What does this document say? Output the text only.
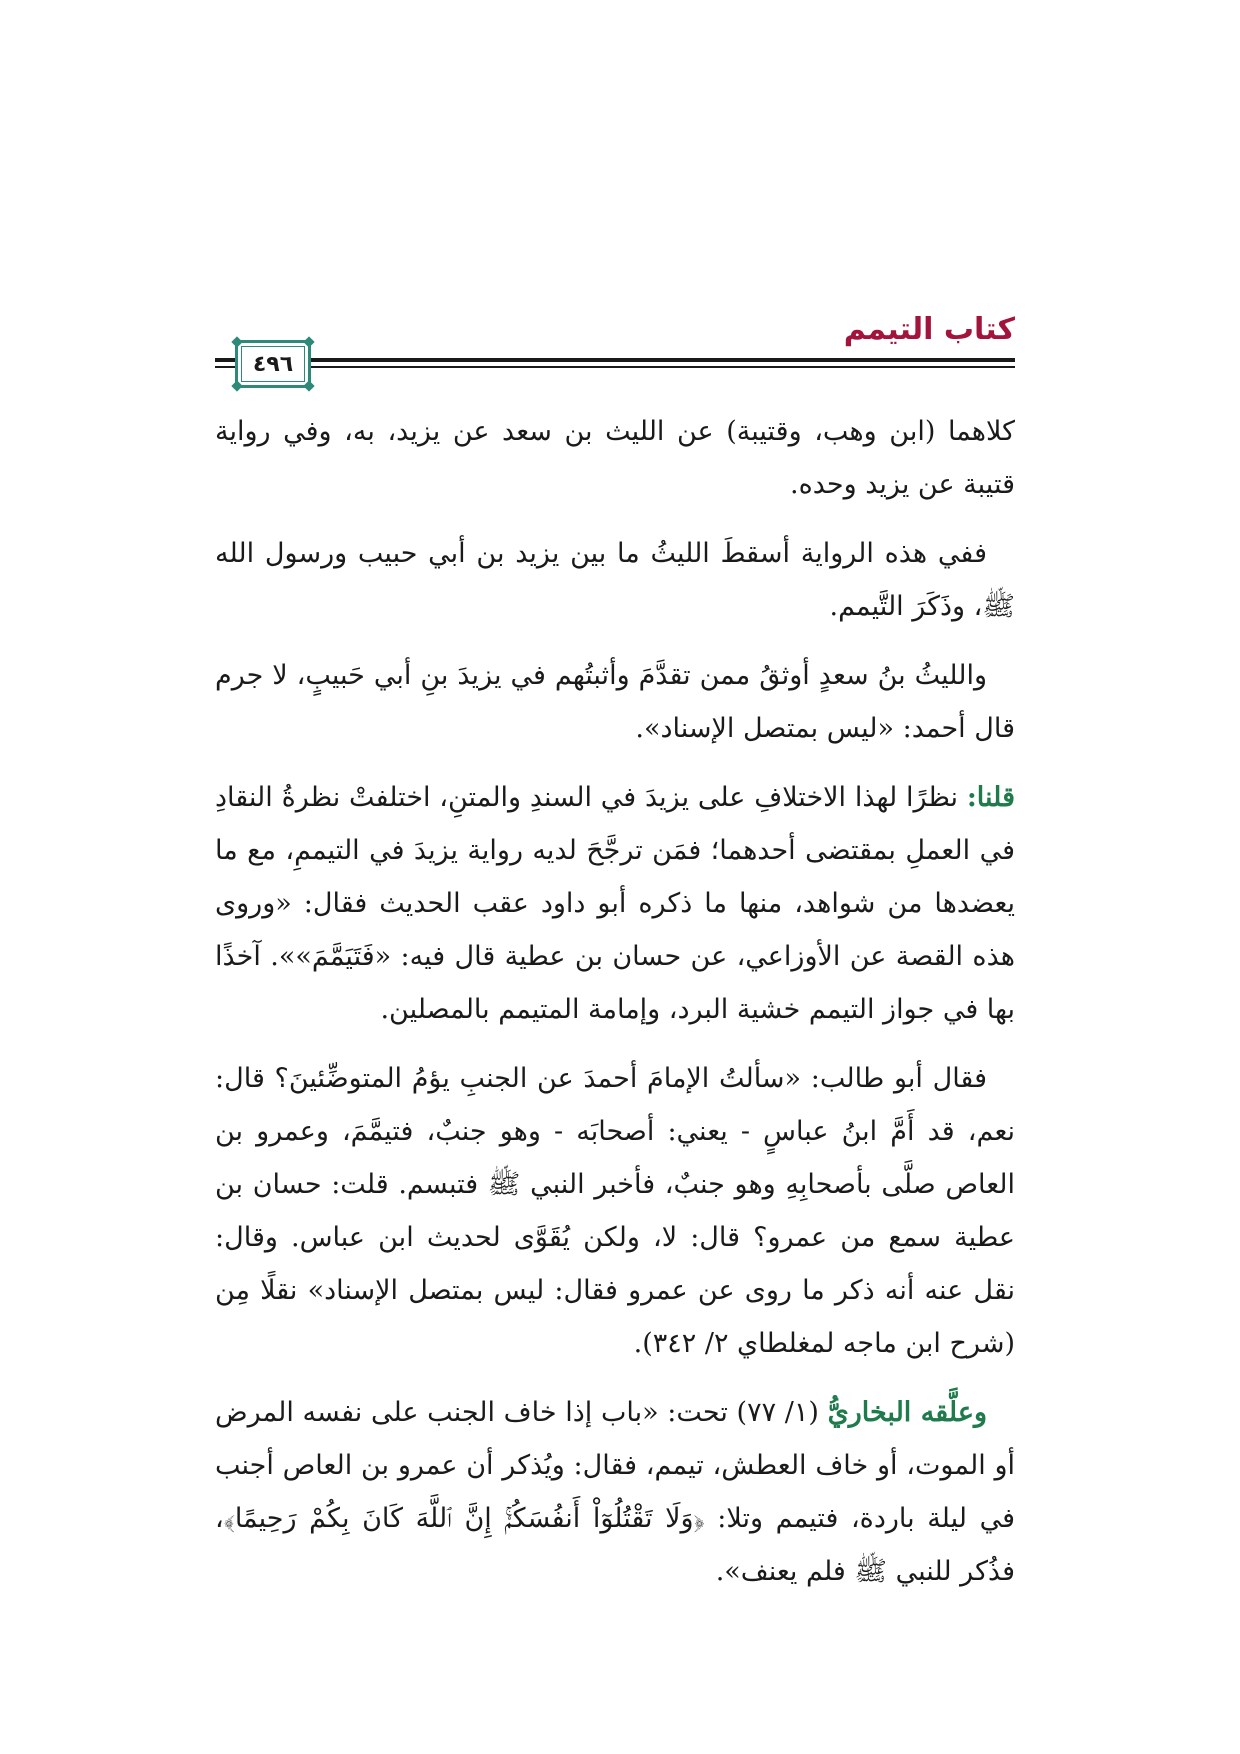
كتاب التيمم
٤٩٦

كلاهما (ابن وهب، وقتيبة) عن الليث بن سعد عن يزيد، به، وفي رواية قتيبة عن يزيد وحده.

ففي هذه الرواية أسقطَ الليثُ ما بين يزيد بن أبي حبيب ورسول الله ﷺ، وذَكَرَ التَّيمم.

والليثُ بنُ سعدٍ أوثقُ ممن تقدَّمَ وأثبتُهم في يزيدَ بنِ أبي حَبيبٍ، لا جرم قال أحمد: «ليس بمتصل الإسناد».

قلنا: نظرًا لهذا الاختلافِ على يزيدَ في السندِ والمتنِ، اختلفتْ نظرةُ النقادِ في العملِ بمقتضى أحدهما؛ فمَن ترجَّحَ لديه رواية يزيدَ في التيممِ، مع ما يعضدها من شواهد، منها ما ذكره أبو داود عقب الحديث فقال: «وروى هذه القصة عن الأوزاعي، عن حسان بن عطية قال فيه: «فَتَيَمَّمَ»». آخذًا بها في جواز التيمم خشية البرد، وإمامة المتيمم بالمصلين.

فقال أبو طالب: «سألتُ الإمامَ أحمدَ عن الجنبِ يؤمُ المتوضِّئينَ؟ قال: نعم، قد أَمَّ ابنُ عباسٍ - يعني: أصحابَه - وهو جنبٌ، فتيمَّمَ، وعمرو بن العاص صلَّى بأصحابِهِ وهو جنبٌ، فأخبر النبي ﷺ فتبسم. قلت: حسان بن عطية سمع من عمرو؟ قال: لا، ولكن يُقَوَّى لحديث ابن عباس. وقال: نقل عنه أنه ذكر ما روى عن عمرو فقال: ليس بمتصل الإسناد» نقلًا مِن (شرح ابن ماجه لمغلطاي ٢/ ٣٤٢).

وعلَّقه البخاريُّ (١/ ٧٧) تحت: «باب إذا خاف الجنب على نفسه المرض أو الموت، أو خاف العطش، تيمم، فقال: ويُذكر أن عمرو بن العاص أجنب في ليلة باردة، فتيمم وتلا: ﴿وَلَا تَقْتُلُوٓاْ أَنفُسَكُمْۚ إِنَّ ٱللَّهَ كَانَ بِكُمْ رَحِيمًا﴾، فذُكر للنبي ﷺ فلم يعنف».
